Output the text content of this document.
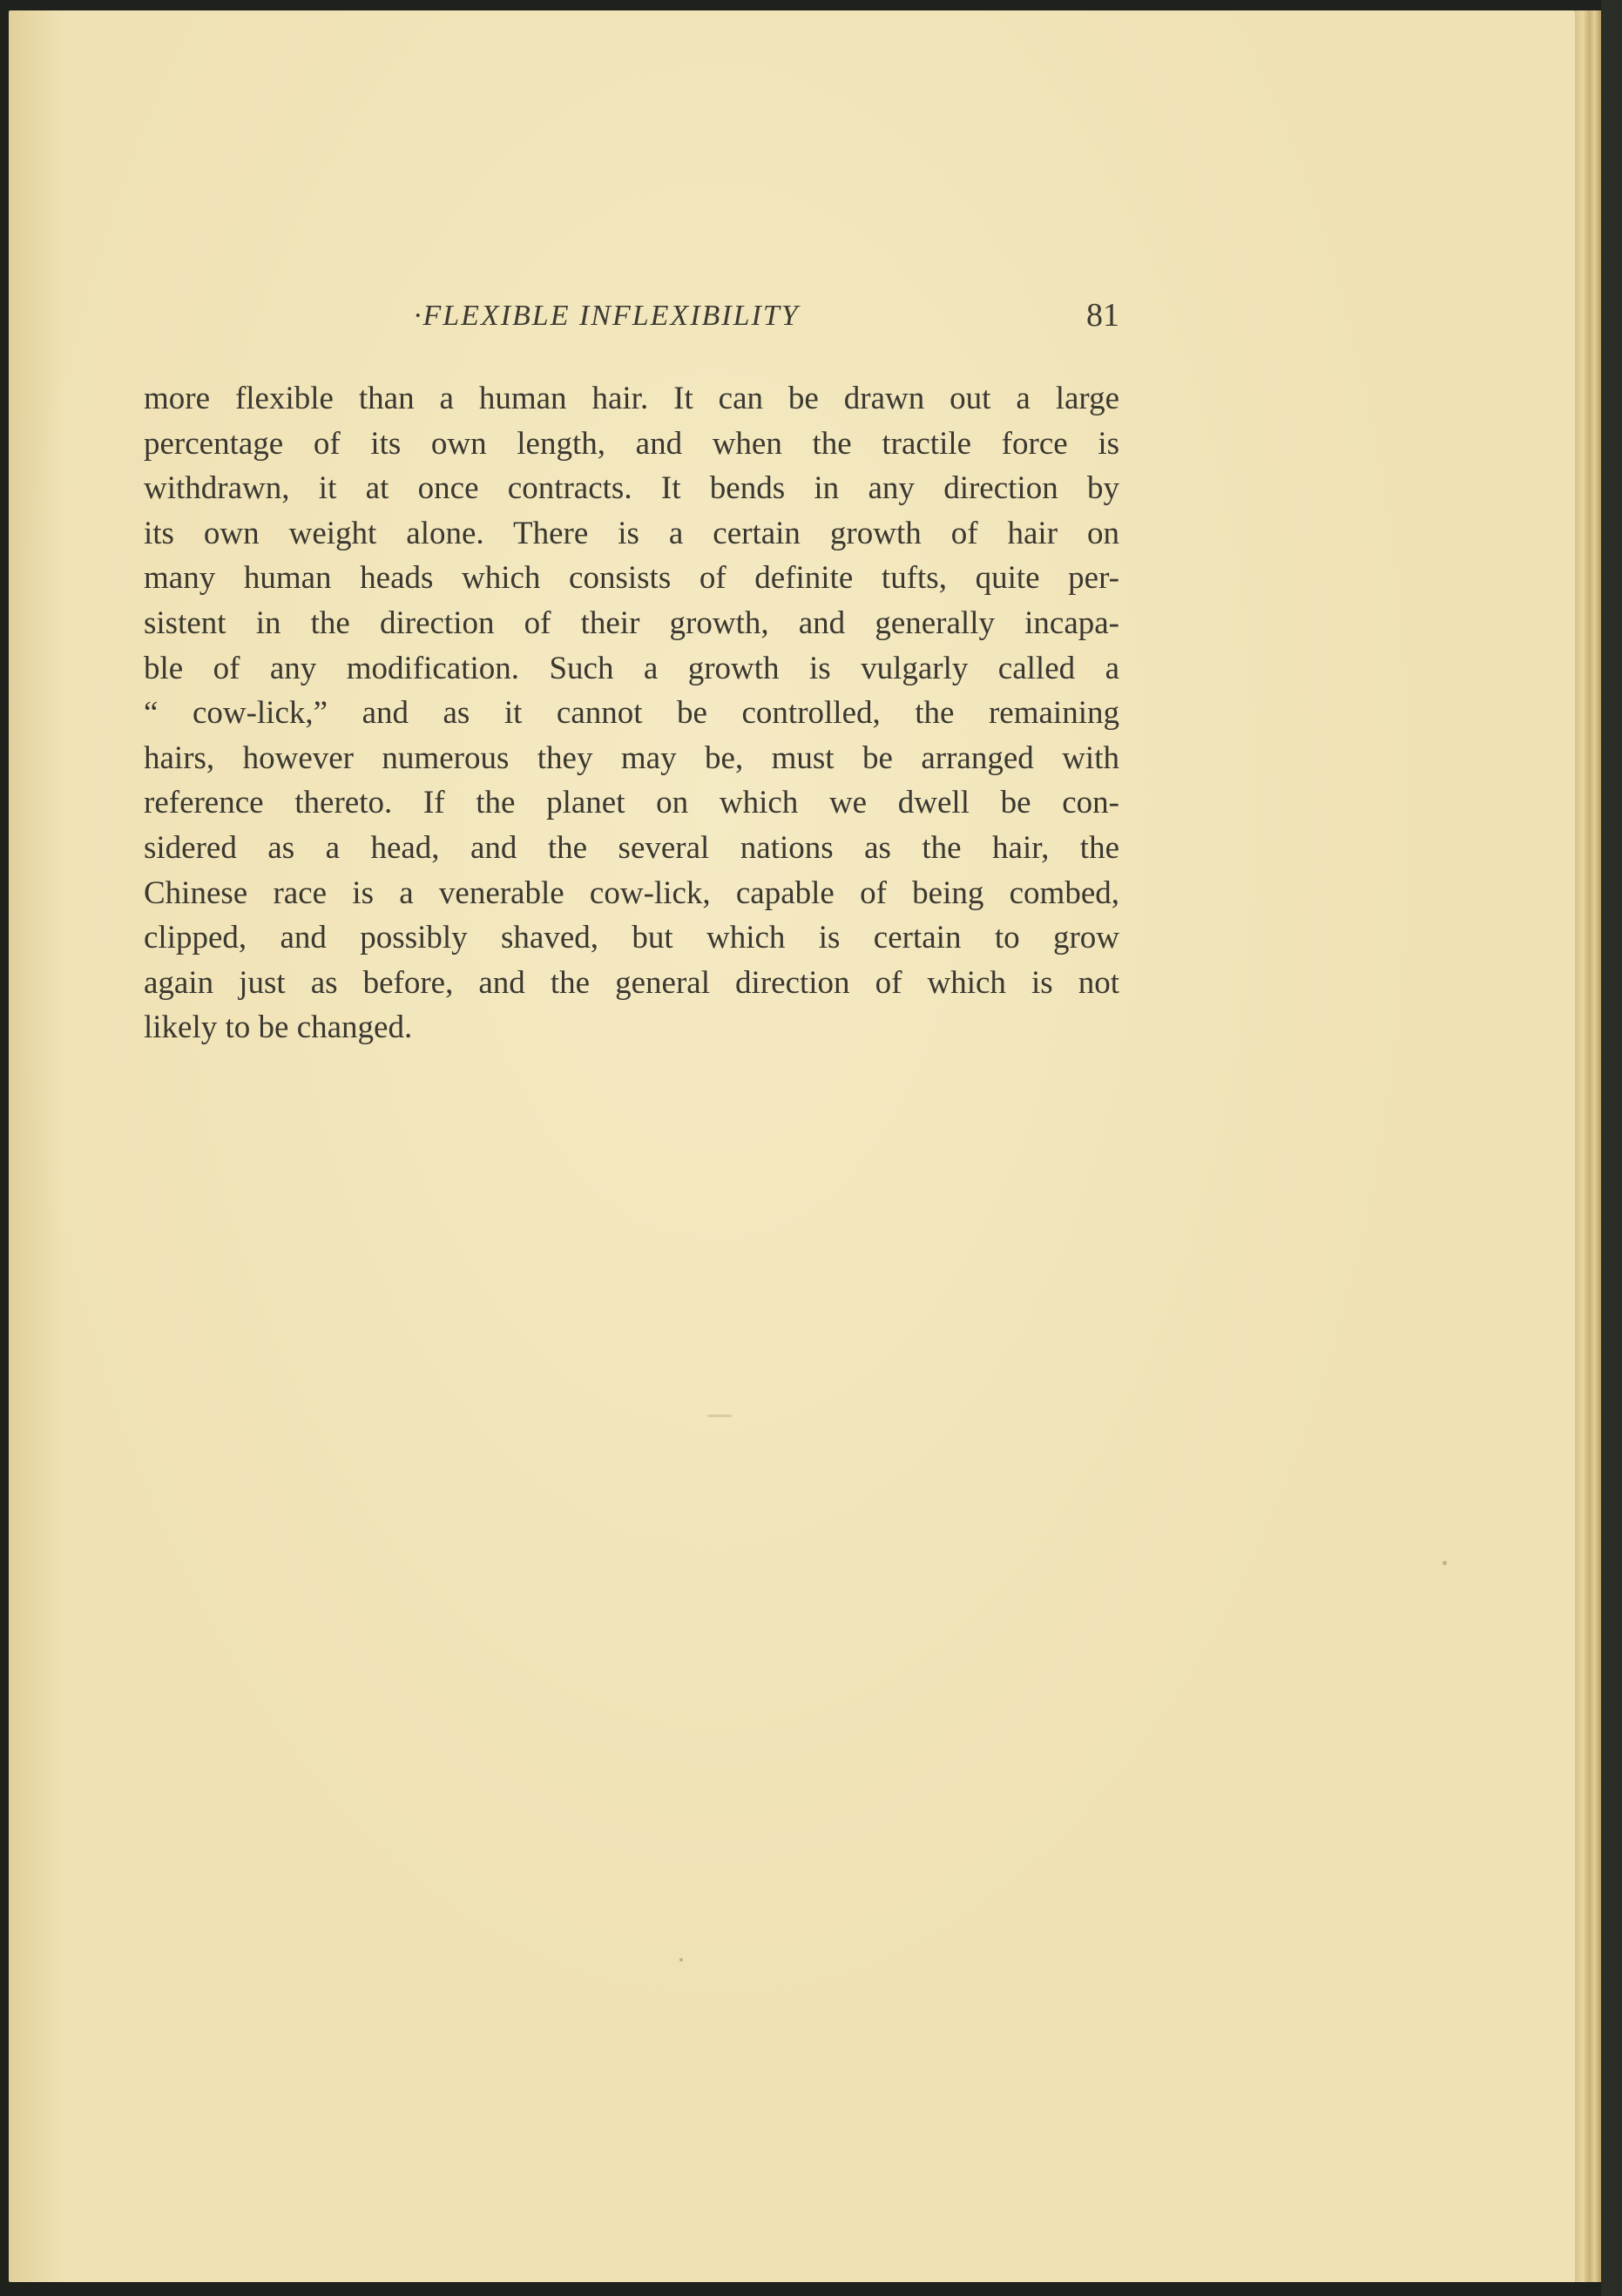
·FLEXIBLE INFLEXIBILITY	81
more flexible than a human hair. It can be drawn out a large
percentage of its own length, and when the tractile force is
withdrawn, it at once contracts. It bends in any direction by
its own weight alone. There is a certain growth of hair on
many human heads which consists of definite tufts, quite per-
sistent in the direction of their growth, and generally incapa-
ble of any modification. Such a growth is vulgarly called a
“ cow-lick,” and as it cannot be controlled, the remaining
hairs, however numerous they may be, must be arranged with
reference thereto. If the planet on which we dwell be con-
sidered as a head, and the several nations as the hair, the
Chinese race is a venerable cow-lick, capable of being combed,
clipped, and possibly shaved, but which is certain to grow
again just as before, and the general direction of which is not
likely to be changed.
